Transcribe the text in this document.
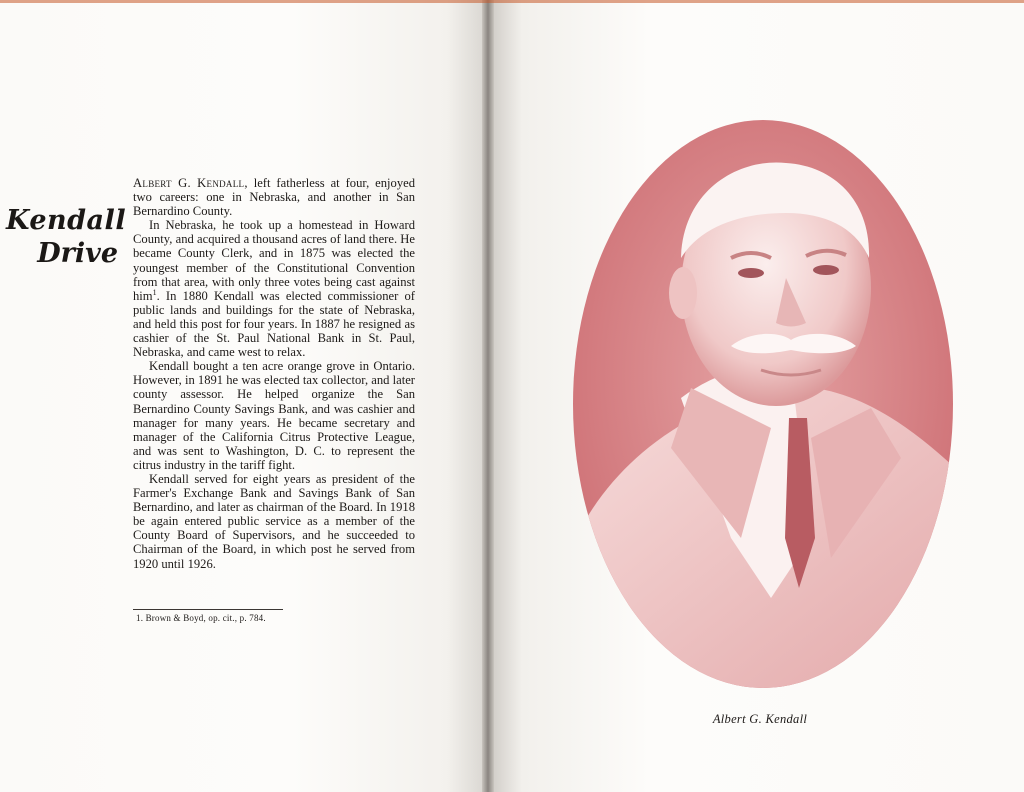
Kendall
Drive

Albert G. Kendall, left fatherless at four, enjoyed two careers: one in Nebraska, and another in San Bernardino County.

In Nebraska, he took up a homestead in Howard County, and acquired a thousand acres of land there. He became County Clerk, and in 1875 was elected the youngest member of the Constitutional Convention from that area, with only three votes being cast against him$^1$. In 1880 Kendall was elected commissioner of public lands and buildings for the state of Nebraska, and held this post for four years. In 1887 he resigned as cashier of the St. Paul National Bank in St. Paul, Nebraska, and came west to relax.

Kendall bought a ten acre orange grove in Ontario. However, in 1891 he was elected tax collector, and later county assessor. He helped organize the San Bernardino County Savings Bank, and was cashier and manager for many years. He became secretary and manager of the California Citrus Protective League, and was sent to Washington, D. C. to represent the citrus industry in the tariff fight.

Kendall served for eight years as president of the Farmer's Exchange Bank and Savings Bank of San Bernardino, and later as chairman of the Board. In 1918 be again entered public service as a member of the County Board of Supervisors, and he succeeded to Chairman of the Board, in which post he served from 1920 until 1926.

1. Brown & Boyd, op. cit., p. 784.
Albert G. Kendall
